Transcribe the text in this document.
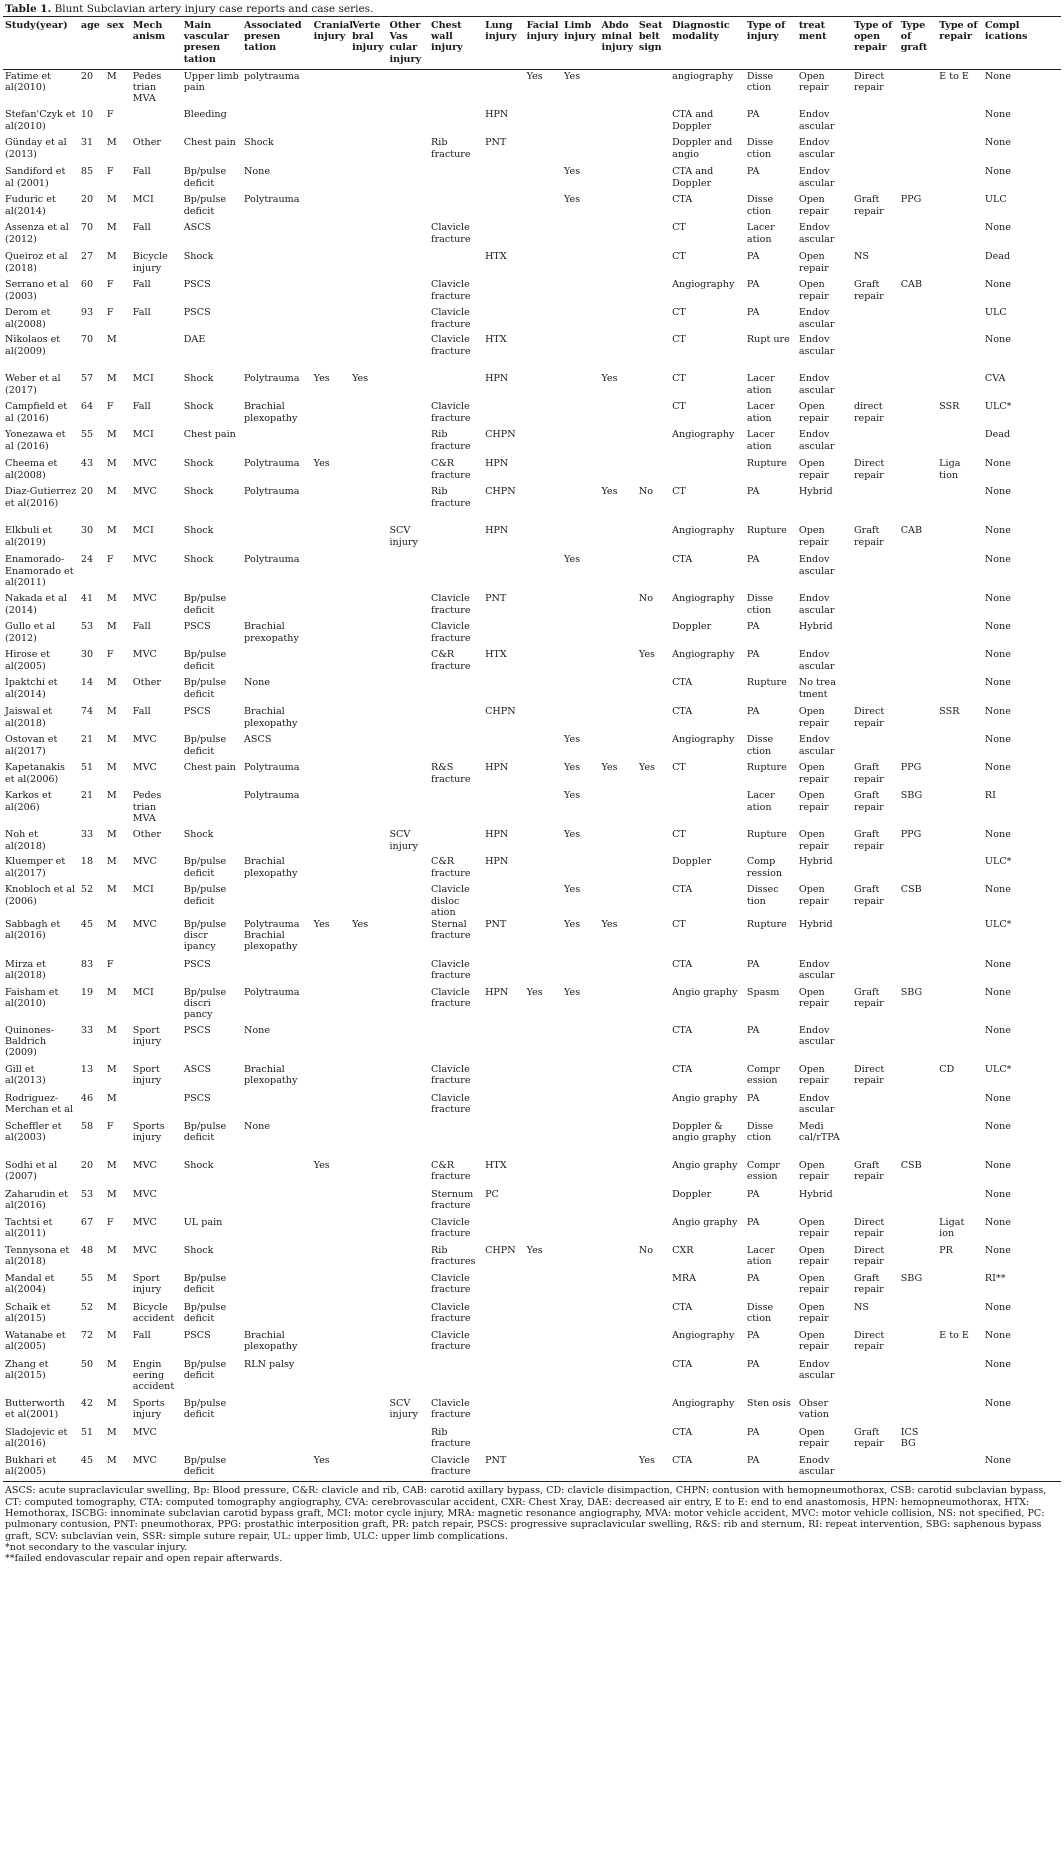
Table 1. Blunt Subclavian artery injury case reports and case series.
Study(year)	age	sex	Mech anism	Main vascular presen tation	Associated presen tation	Cranial injury	Verte bral injury	Other Vas cular injury	Chest wall injury	Lung injury	Facial injury	Limb injury	Abdo minal injury	Seat belt sign	Diagnostic modality	Type of injury	treat ment	Type of open repair	Type of graft	Type of repair	Compl ications
Fatime et al(2010)	20	M	Pedes trian MVA	Upper limb pain	polytrauma						Yes	Yes			angiography	Disse ction	Open repair	Direct repair		E to E	None
Stefan'Czyk et al(2010)	10	F		Bleeding						HPN					CTA and Doppler	PA	Endov ascular				None
Günday et al (2013)	31	M	Other	Chest pain	Shock				Rib fracture	PNT					Doppler and angio	Disse ction	Endov ascular				None
Sandiford et al (2001)	85	F	Fall	Bp/pulse deficit	None							Yes			CTA and Doppler	PA	Endov ascular				None
Fuduric et al(2014)	20	M	MCI	Bp/pulse deficit	Polytrauma							Yes			CTA	Disse ction	Open repair	Graft repair	PPG		ULC
Assenza et al (2012)	70	M	Fall	ASCS					Clavicle fracture						CT	Lacer ation	Endov ascular				None
Queiroz et al (2018)	27	M	Bicycle injury	Shock						HTX					CT	PA	Open repair	NS			Dead
Serrano et al (2003)	60	F	Fall	PSCS					Clavicle fracture						Angiography	PA	Open repair	Graft repair	CAB		None
Derom et al(2008)	93	F	Fall	PSCS					Clavicle fracture						CT	PA	Endov ascular				ULC
Nikolaos et al(2009)	70	M		DAE					Clavicle fracture	HTX					CT	Rupt ure	Endov ascular				None
Weber et al (2017)	57	M	MCI	Shock	Polytrauma	Yes	Yes			HPN			Yes		CT	Lacer ation	Endov ascular				CVA
Campfield et al (2016)	64	F	Fall	Shock	Brachial plexopathy				Clavicle fracture						CT	Lacer ation	Open repair	direct repair		SSR	ULC*
Yonezawa et al (2016)	55	M	MCI	Chest pain					Rib fracture	CHPN					Angiography	Lacer ation	Endov ascular				Dead
Cheema et al(2008)	43	M	MVC	Shock	Polytrauma	Yes			C&R fracture	HPN						Rupture	Open repair	Direct repair		Liga tion	None
Diaz-Gutierrez et al(2016)	20	M	MVC	Shock	Polytrauma				Rib fracture	CHPN			Yes	No	CT	PA	Hybrid				None
Elkbuli et al(2019)	30	M	MCI	Shock				SCV injury		HPN					Angiography	Rupture	Open repair	Graft repair	CAB		None
Enamorado-Enamorado et al(2011)	24	F	MVC	Shock	Polytrauma							Yes			CTA	PA	Endov ascular				None
Nakada et al (2014)	41	M	MVC	Bp/pulse deficit					Clavicle fracture	PNT				No	Angiography	Disse ction	Endov ascular				None
Gullo et al (2012)	53	M	Fall	PSCS	Brachial prexopathy				Clavicle fracture						Doppler	PA	Hybrid				None
Hirose et al(2005)	30	F	MVC	Bp/pulse deficit					C&R fracture	HTX				Yes	Angiography	PA	Endov ascular				None
Ipaktchi et al(2014)	14	M	Other	Bp/pulse deficit	None										CTA	Rupture	No trea tment				None
Jaiswal et al(2018)	74	M	Fall	PSCS	Brachial plexopathy					CHPN					CTA	PA	Open repair	Direct repair		SSR	None
Ostovan et al(2017)	21	M	MVC	Bp/pulse deficit	ASCS							Yes			Angiography	Disse ction	Endov ascular				None
Kapetanakis et al(2006)	51	M	MVC	Chest pain	Polytrauma				R&S fracture	HPN		Yes	Yes	Yes	CT	Rupture	Open repair	Graft repair	PPG		None
Karkos et al(206)	21	M	Pedes trian MVA		Polytrauma							Yes				Lacer ation	Open repair	Graft repair	SBG		RI
Noh et al(2018)	33	M	Other	Shock				SCV injury		HPN		Yes			CT	Rupture	Open repair	Graft repair	PPG		None
Kluemper et al(2017)	18	M	MVC	Bp/pulse deficit	Brachial plexopathy				C&R fracture	HPN					Doppler	Comp ression	Hybrid				ULC*
Knobloch et al (2006)	52	M	MCI	Bp/pulse deficit					Clavicle disloc ation			Yes			CTA	Dissec tion	Open repair	Graft repair	CSB		None
Sabbagh et al(2016)	45	M	MVC	Bp/pulse discr ipancy	Polytrauma Brachial plexopathy	Yes	Yes		Sternal fracture	PNT		Yes	Yes		CT	Rupture	Hybrid				ULC*
Mirza et al(2018)	83	F		PSCS					Clavicle fracture						CTA	PA	Endov ascular				None
Faisham et al(2010)	19	M	MCI	Bp/pulse discri pancy	Polytrauma				Clavicle fracture	HPN	Yes	Yes			Angio graphy	Spasm	Open repair	Graft repair	SBG		None
Quinones-Baldrich (2009)	33	M	Sport injury	PSCS	None										CTA	PA	Endov ascular				None
Gill et al(2013)	13	M	Sport injury	ASCS	Brachial plexopathy				Clavicle fracture						CTA	Compr ession	Open repair	Direct repair		CD	ULC*
Rodriguez-Merchan et al	46	M		PSCS					Clavicle fracture						Angio graphy	PA	Endov ascular				None
Scheffler et al(2003)	58	F	Sports injury	Bp/pulse deficit	None										Doppler & angio graphy	Disse ction	Medi cal/rTPA				None
Sodhi et al (2007)	20	M	MVC	Shock		Yes			C&R fracture	HTX					Angio graphy	Compr ession	Open repair	Graft repair	CSB		None
Zaharudin et al(2016)	53	M	MVC						Sternum fracture	PC					Doppler	PA	Hybrid				None
Tachtsi et al(2011)	67	F	MVC	UL pain					Clavicle fracture						Angio graphy	PA	Open repair	Direct repair		Ligat ion	None
Tennysona et al(2018)	48	M	MVC	Shock					Rib fractures	CHPN	Yes			No	CXR	Lacer ation	Open repair	Direct repair		PR	None
Mandal et al(2004)	55	M	Sport injury	Bp/pulse deficit					Clavicle fracture						MRA	PA	Open repair	Graft repair	SBG		RI**
Schaik et al(2015)	52	M	Bicycle accident	Bp/pulse deficit					Clavicle fracture						CTA	Disse ction	Open repair	NS			None
Watanabe et al(2005)	72	M	Fall	PSCS	Brachial plexopathy				Clavicle fracture						Angiography	PA	Open repair	Direct repair		E to E	None
Zhang et al(2015)	50	M	Engin eering accident	Bp/pulse deficit	RLN palsy										CTA	PA	Endov ascular				None
Butterworth et al(2001)	42	M	Sports injury	Bp/pulse deficit				SCV injury	Clavicle fracture						Angiography	Sten osis	Obser vation				None
Sladojevic et al(2016)	51	M	MVC						Rib fracture						CTA	PA	Open repair	Graft repair	ICS BG		
Bukhari et al(2005)	45	M	MVC	Bp/pulse deficit		Yes			Clavicle fracture	PNT				Yes	CTA	PA	Enodv ascular				None
ASCS: acute supraclavicular swelling, Bp: Blood pressure, C&R: clavicle and rib, CAB: carotid axillary bypass, CD: clavicle disimpaction, CHPN: contusion with hemopneumothorax, CSB: carotid subclavian bypass, CT: computed tomography, CTA: computed tomography angiography, CVA: cerebrovascular accident, CXR: Chest Xray, DAE: decreased air entry, E to E: end to end anastomosis, HPN: hemopneumothorax, HTX: Hemothorax, ISCBG: innominate subclavian carotid bypass graft, MCI: motor cycle injury, MRA: magnetic resonance angiography, MVA: motor vehicle accident, MVC: motor vehicle collision, NS: not specified, PC: pulmonary contusion, PNT: pneumothorax, PPG: prostathic interposition graft, PR: patch repair, PSCS: progressive supraclavicular swelling, R&S: rib and sternum, RI: repeat intervention, SBG: saphenous bypass graft, SCV: subclavian vein, SSR: simple suture repair, UL: upper limb, ULC: upper limb complications.
*not secondary to the vascular injury.
**failed endovascular repair and open repair afterwards.
